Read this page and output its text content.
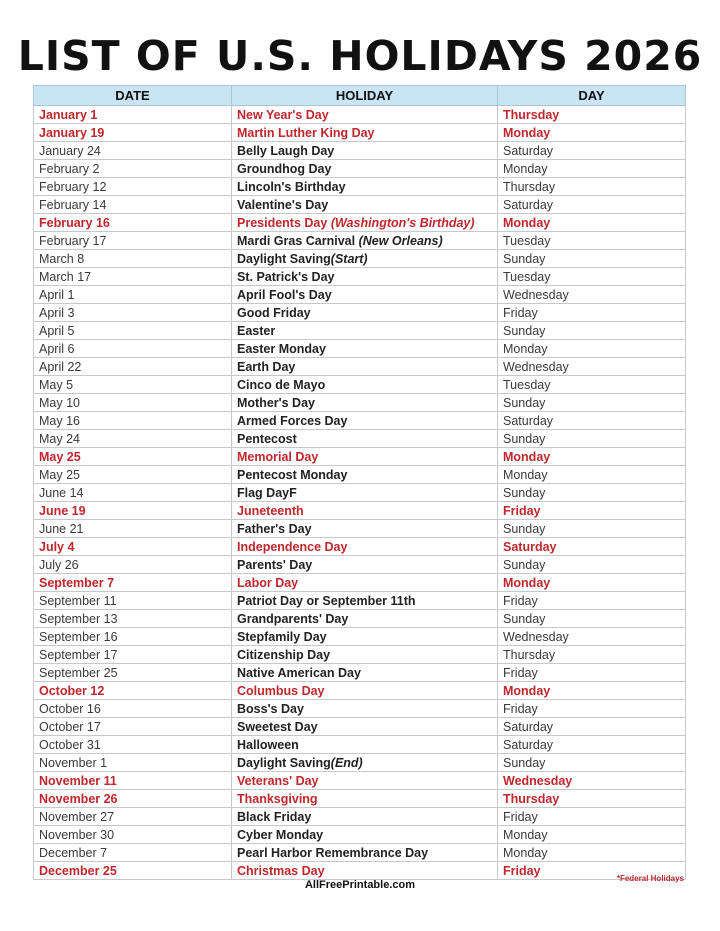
LIST OF U.S. HOLIDAYS 2026
DATE	HOLIDAY	DAY
January 1	New Year's Day	Thursday
January 19	Martin Luther King Day	Monday
January 24	Belly Laugh Day	Saturday
February 2	Groundhog Day	Monday
February 12	Lincoln's Birthday	Thursday
February 14	Valentine's Day	Saturday
February 16	Presidents Day (Washington's Birthday)	Monday
February 17	Mardi Gras Carnival (New Orleans)	Tuesday
March 8	Daylight Saving(Start)	Sunday
March 17	St. Patrick's Day	Tuesday
April 1	April Fool's Day	Wednesday
April 3	Good Friday	Friday
April 5	Easter	Sunday
April 6	Easter Monday	Monday
April 22	Earth Day	Wednesday
May 5	Cinco de Mayo	Tuesday
May 10	Mother's Day	Sunday
May 16	Armed Forces Day	Saturday
May 24	Pentecost	Sunday
May 25	Memorial Day	Monday
May 25	Pentecost Monday	Monday
June 14	Flag DayF	Sunday
June 19	Juneteenth	Friday
June 21	Father's Day	Sunday
July 4	Independence Day	Saturday
July 26	Parents' Day	Sunday
September 7	Labor Day	Monday
September 11	Patriot Day or September 11th	Friday
September 13	Grandparents' Day	Sunday
September 16	Stepfamily Day	Wednesday
September 17	Citizenship Day	Thursday
September 25	Native American Day	Friday
October 12	Columbus Day	Monday
October 16	Boss's Day	Friday
October 17	Sweetest Day	Saturday
October 31	Halloween	Saturday
November 1	Daylight Saving(End)	Sunday
November 11	Veterans' Day	Wednesday
November 26	Thanksgiving	Thursday
November 27	Black Friday	Friday
November 30	Cyber Monday	Monday
December 7	Pearl Harbor Remembrance Day	Monday
December 25	Christmas Day	Friday
AllFreePrintable.com
*Federal Holidays
